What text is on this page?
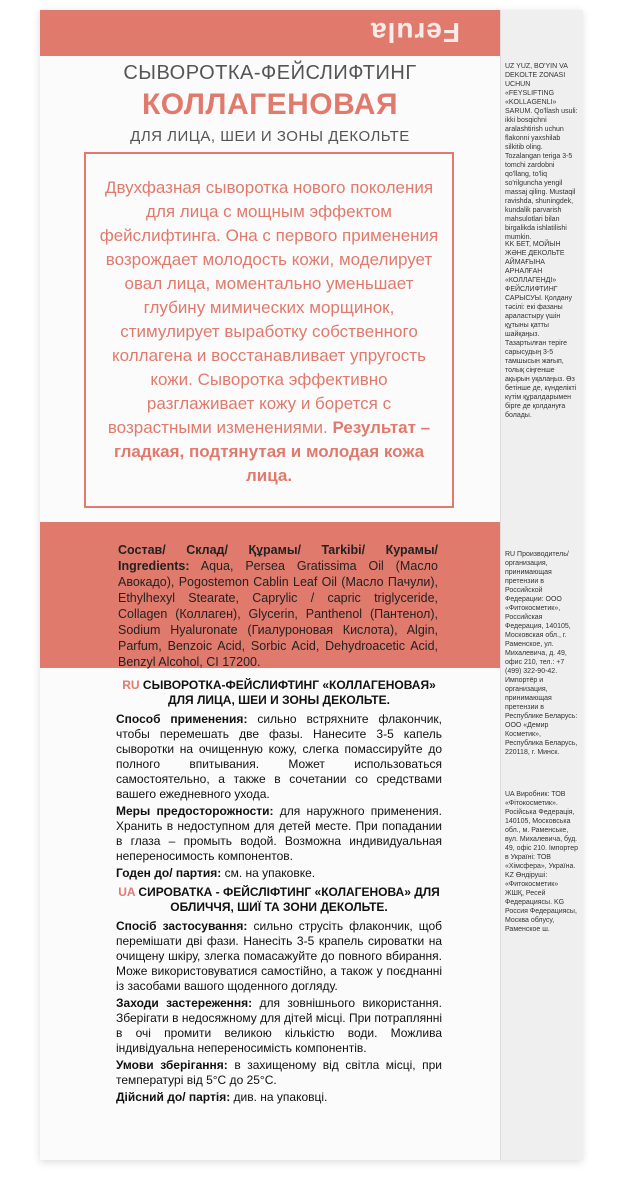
Ferula
UZ YUZ, BO'YIN VA DEKOLTE ZONASI UCHUN «FEYSLIFTING «KOLLAGENLI» SARUM. Qo'llash usuli: ikki bosqichni aralashtirish uchun flakonni yaxshilab silkitib oling. Tozalangan teriga 3-5 tomchi zardobni qo'llang, to'liq so'rilguncha yengil massaj qiling. Mustaqil ravishda, shuningdek, kundalik parvarish mahsulotlari bilan birgalikda ishlatilishi mumkin.
KK БЕТ, МОЙЫН ЖӘНЕ ДЕКОЛЬТЕ АЙМАҒЫНА АРНАЛҒАН «КОЛЛАГЕНДІ» ФЕЙСЛИФТИНГ САРЫСУЫ. Қолдану тәсілі: екі фазаны араластыру үшін құтыны қатты шайқаңыз. Тазартылған теріге сарысудың 3-5 тамшысын жағып, толық сіңгенше ақырын уқалаңыз. Өз бетінше де, күнделікті күтім құралдарымен бірге де қолдануға болады.
RU Производитель/организация, принимающая претензии в Российской Федерации: ООО «Фитокосметик», Российская Федерация, 140105, Московская обл., г. Раменское, ул. Михалевича, д. 49, офис 210, тел.: +7 (499) 322-90-42. Импортёр и организация, принимающая претензии в Республике Беларусь: ООО «Демир Косметик», Республика Беларусь, 220118, г. Минск.
UA Виробник: ТОВ «Фітокосметик». Російська Федерація, 140105, Московська обл., м. Раменське, вул. Михалевича, буд. 49, офіс 210. Імпортер в Україні: ТОВ «Хімсфера», Україна. KZ Өндіруші: «Фитокосметик» ЖШҚ, Ресей Федерациясы. KG Россия Федерациясы, Москва облусу, Раменское ш.
СЫВОРОТКА-ФЕЙСЛИФТИНГ
КОЛЛАГЕНОВАЯ
ДЛЯ ЛИЦА, ШЕИ И ЗОНЫ ДЕКОЛЬТЕ
Двухфазная сыворотка нового поколения для лица с мощным эффектом фейслифтинга. Она с первого применения возрождает молодость кожи, моделирует овал лица, моментально уменьшает глубину мимических морщинок, стимулирует выработку собственного коллагена и восстанавливает упругость кожи. Сыворотка эффективно разглаживает кожу и борется с возрастными изменениями. Результат – гладкая, подтянутая и молодая кожа лица.
Состав/ Склад/ Құрамы/ Tarkibi/ Курамы/ Ingredients: Aqua, Persea Gratissima Oil (Масло Авокадо), Pogostemon Cablin Leaf Oil (Масло Пачули), Ethylhexyl Stearate, Caprylic / capric triglyceride, Collagen (Коллаген), Glycerin, Panthenol (Пантенол), Sodium Hyaluronate (Гиалуроновая Кислота), Algin, Parfum, Benzoic Acid, Sorbic Acid, Dehydroacetic Acid, Benzyl Alcohol, CI 17200.
RU СЫВОРОТКА-ФЕЙСЛИФТИНГ «КОЛЛАГЕНОВАЯ» ДЛЯ ЛИЦА, ШЕИ И ЗОНЫ ДЕКОЛЬТЕ.

Способ применения: сильно встряхните флакончик, чтобы перемешать две фазы. Нанесите 3-5 капель сыворотки на очищенную кожу, слегка помассируйте до полного впитывания. Может использоваться самостоятельно, а также в сочетании со средствами вашего ежедневного ухода.

Меры предосторожности: для наружного применения. Хранить в недоступном для детей месте. При попадании в глаза – промыть водой. Возможна индивидуальная непереносимость компонентов.

Годен до/ партия: см. на упаковке.

UA СИРОВАТКА - ФЕЙСЛІФТИНГ «КОЛАГЕНОВА» ДЛЯ ОБЛИЧЧЯ, ШИЇ ТА ЗОНИ ДЕКОЛЬТЕ.

Спосіб застосування: сильно струсіть флакончик, щоб перемішати дві фази. Нанесіть 3-5 крапель сироватки на очищену шкіру, злегка помасажуйте до повного вбирання. Може використовуватися самостійно, а також у поєднанні із засобами вашого щоденного догляду.

Заходи застереження: для зовнішнього використання. Зберігати в недосяжному для дітей місці. При потраплянні в очі промити великою кількістю води. Можлива індивідуальна непереносимість компонентів.

Умови зберігання: в захищеному від світла місці, при температурі від 5°С до 25°С.

Дійсний до/ партія: див. на упаковці.
